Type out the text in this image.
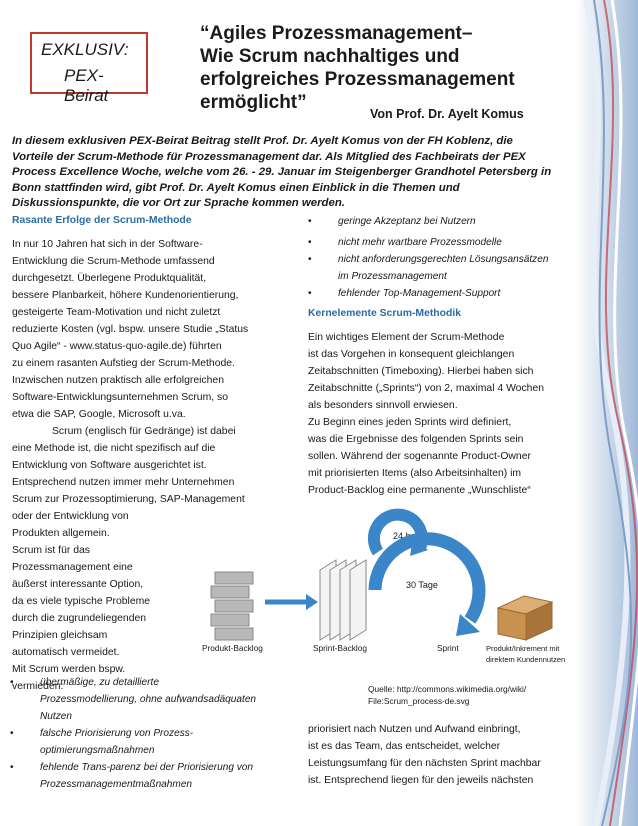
EXKLUSIV:
PEX-Beirat
“Agiles Prozessmanagement–
Wie Scrum nachhaltiges und
erfolgreiches Prozessmanagement
ermöglicht”
Von Prof. Dr. Ayelt Komus
In diesem exklusiven PEX-Beirat Beitrag stellt Prof. Dr. Ayelt Komus von der FH Koblenz, die Vorteile der Scrum-Methode für Prozessmanagement dar. Als Mitglied des Fachbeirats der PEX Process Excellence Woche, welche vom 26. - 29. Januar im Steigenberger Grandhotel Petersberg in Bonn stattfinden wird, gibt Prof. Dr. Ayelt Komus einen Einblick in die Themen und Diskussionspunkte, die vor Ort zur Sprache kommen werden.
Rasante Erfolge der Scrum-Methode
In nur 10 Jahren hat sich in der Software-
Entwicklung die Scrum-Methode umfassend
durchgesetzt. Überlegene Produktqualität,
bessere Planbarkeit, höhere Kundenorientierung,
gesteigerte Team-Motivation und nicht zuletzt
reduzierte Kosten (vgl. bspw. unsere Studie „Status
Quo Agile“ - www.status-quo-agile.de) führten
zu einem rasanten Aufstieg der Scrum-Methode.
Inzwischen nutzen praktisch alle erfolgreichen
Software-Entwicklungsunternehmen Scrum, so
etwa die SAP, Google, Microsoft u.va.
Scrum (englisch für Gedränge) ist dabei
eine Methode ist, die nicht spezifisch auf die
Entwicklung von Software ausgerichtet ist.
Entsprechend nutzen immer mehr Unternehmen
Scrum zur Prozessoptimierung, SAP-Management
oder der Entwicklung von
Produkten allgemein.
Scrum ist für das
Prozessmanagement eine
äußerst interessante Option,
da es viele typische Probleme
durch die zugrundeliegenden
Prinzipien gleichsam
automatisch vermeidet.
Mit Scrum werden bspw.
vermieden:
• übermäßige, zu detaillierte
Prozessmodellierung, ohne aufwandsadäquaten
Nutzen
• falsche Priorisierung von Prozess-
optimierungsmaßnahmen
• fehlende Trans-parenz bei der Priorisierung von
Prozessmanagementmaßnahmen
• geringe Akzeptanz bei Nutzern
• nicht mehr wartbare Prozessmodelle
• nicht anforderungsgerechten Lösungsansätzen
im Prozessmanagement
• fehlender Top-Management-Support
Kernelemente Scrum-Methodik
Ein wichtiges Element der Scrum-Methode
ist das Vorgehen in konsequent gleichlangen
Zeitabschnitten (Timeboxing). Hierbei haben sich
Zeitabschnitte („Sprints“) von 2, maximal 4 Wochen
als besonders sinnvoll erwiesen.
Zu Beginn eines jeden Sprints wird definiert,
was die Ergebnisse des folgenden Sprints sein
sollen. Während der sogenannte Product-Owner
mit priorisierten Items (also Arbeitsinhalten) im
Product-Backlog eine permanente „Wunschliste“
24 h
30 Tage
Produkt-Backlog	Sprint-Backlog	Sprint	Produkt/Inkrement mit
direktem Kundennutzen
Quelle: http://commons.wikimedia.org/wiki/
File:Scrum_process-de.svg
priorisiert nach Nutzen und Aufwand einbringt,
ist es das Team, das entscheidet, welcher
Leistungsumfang für den nächsten Sprint machbar
ist. Entsprechend liegen für den jeweils nächsten
